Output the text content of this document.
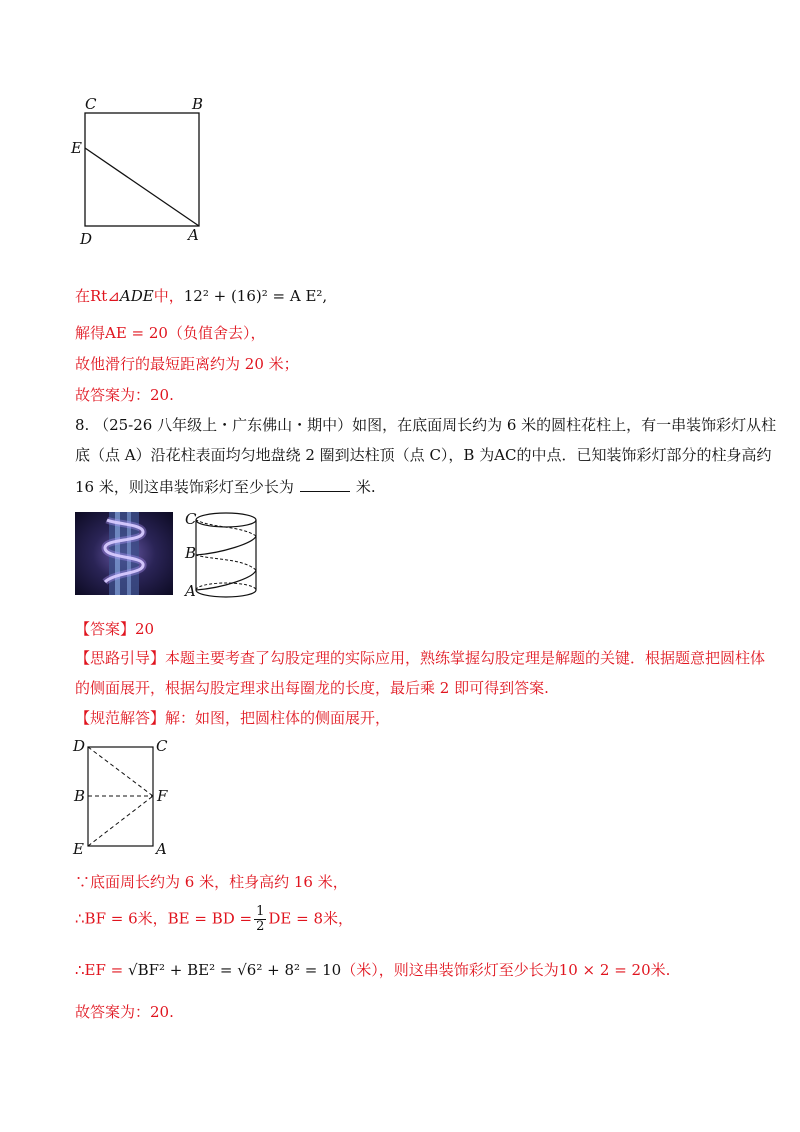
C	B
E
D	A
在Rt⊿ADE中，12² + (16)² = A E²,
解得AE = 20（负值舍去），
故他滑行的最短距离约为 20 米；
故答案为：20.
8. （25-26 八年级上・广东佛山・期中）如图，在底面周长约为 6 米的圆柱花柱上，有一串装饰彩灯从柱
底（点 A）沿花柱表面均匀地盘绕 2 圈到达柱顶（点 C），B 为AC的中点．已知装饰彩灯部分的柱身高约
16 米，则这串装饰彩灯至少长为	米.
C
B
A
【答案】20
【思路引导】本题主要考查了勾股定理的实际应用，熟练掌握勾股定理是解题的关键．根据题意把圆柱体
的侧面展开，根据勾股定理求出每圈龙的长度，最后乘 2 即可得到答案.
【规范解答】解：如图，把圆柱体的侧面展开，
D	C
B	F
E	A
∵底面周长约为 6 米，柱身高约 16 米，
∴BF = 6米，BE = BD = $\frac{1}{2}$ DE = 8米，
∴EF = √BF² + BE² = √6² + 8² = 10（米），则这串装饰彩灯至少长为10 × 2 = 20米.
故答案为：20.
